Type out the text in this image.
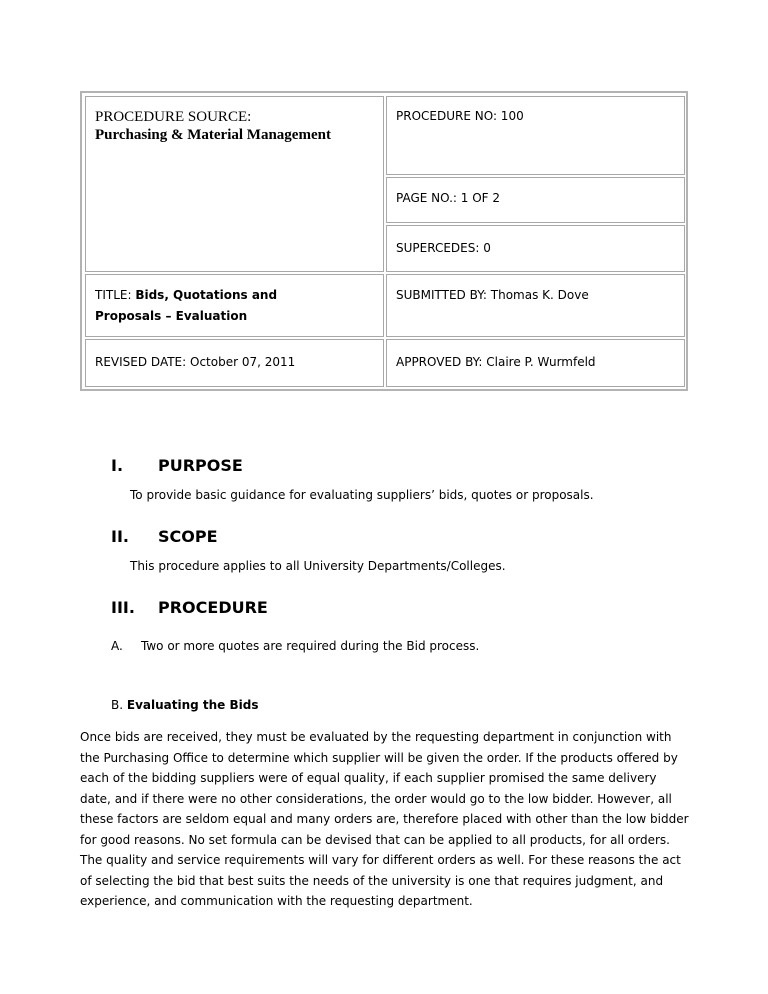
PROCEDURE SOURCE:
Purchasing & Material Management
PROCEDURE NO: 100
PAGE NO.: 1 OF 2
SUPERCEDES: 0
TITLE: Bids, Quotations and Proposals – Evaluation
SUBMITTED BY: Thomas K. Dove
REVISED DATE: October 07, 2011	APPROVED BY: Claire P. Wurmfeld
I. PURPOSE
To provide basic guidance for evaluating suppliers’ bids, quotes or proposals.
II. SCOPE
This procedure applies to all University Departments/Colleges.
III. PROCEDURE
A. Two or more quotes are required during the Bid process.
B. Evaluating the Bids
Once bids are received, they must be evaluated by the requesting department in conjunction with the Purchasing Office to determine which supplier will be given the order. If the products offered by each of the bidding suppliers were of equal quality, if each supplier promised the same delivery date, and if there were no other considerations, the order would go to the low bidder. However, all these factors are seldom equal and many orders are, therefore placed with other than the low bidder for good reasons. No set formula can be devised that can be applied to all products, for all orders. The quality and service requirements will vary for different orders as well. For these reasons the act of selecting the bid that best suits the needs of the university is one that requires judgment, and experience, and communication with the requesting department.
